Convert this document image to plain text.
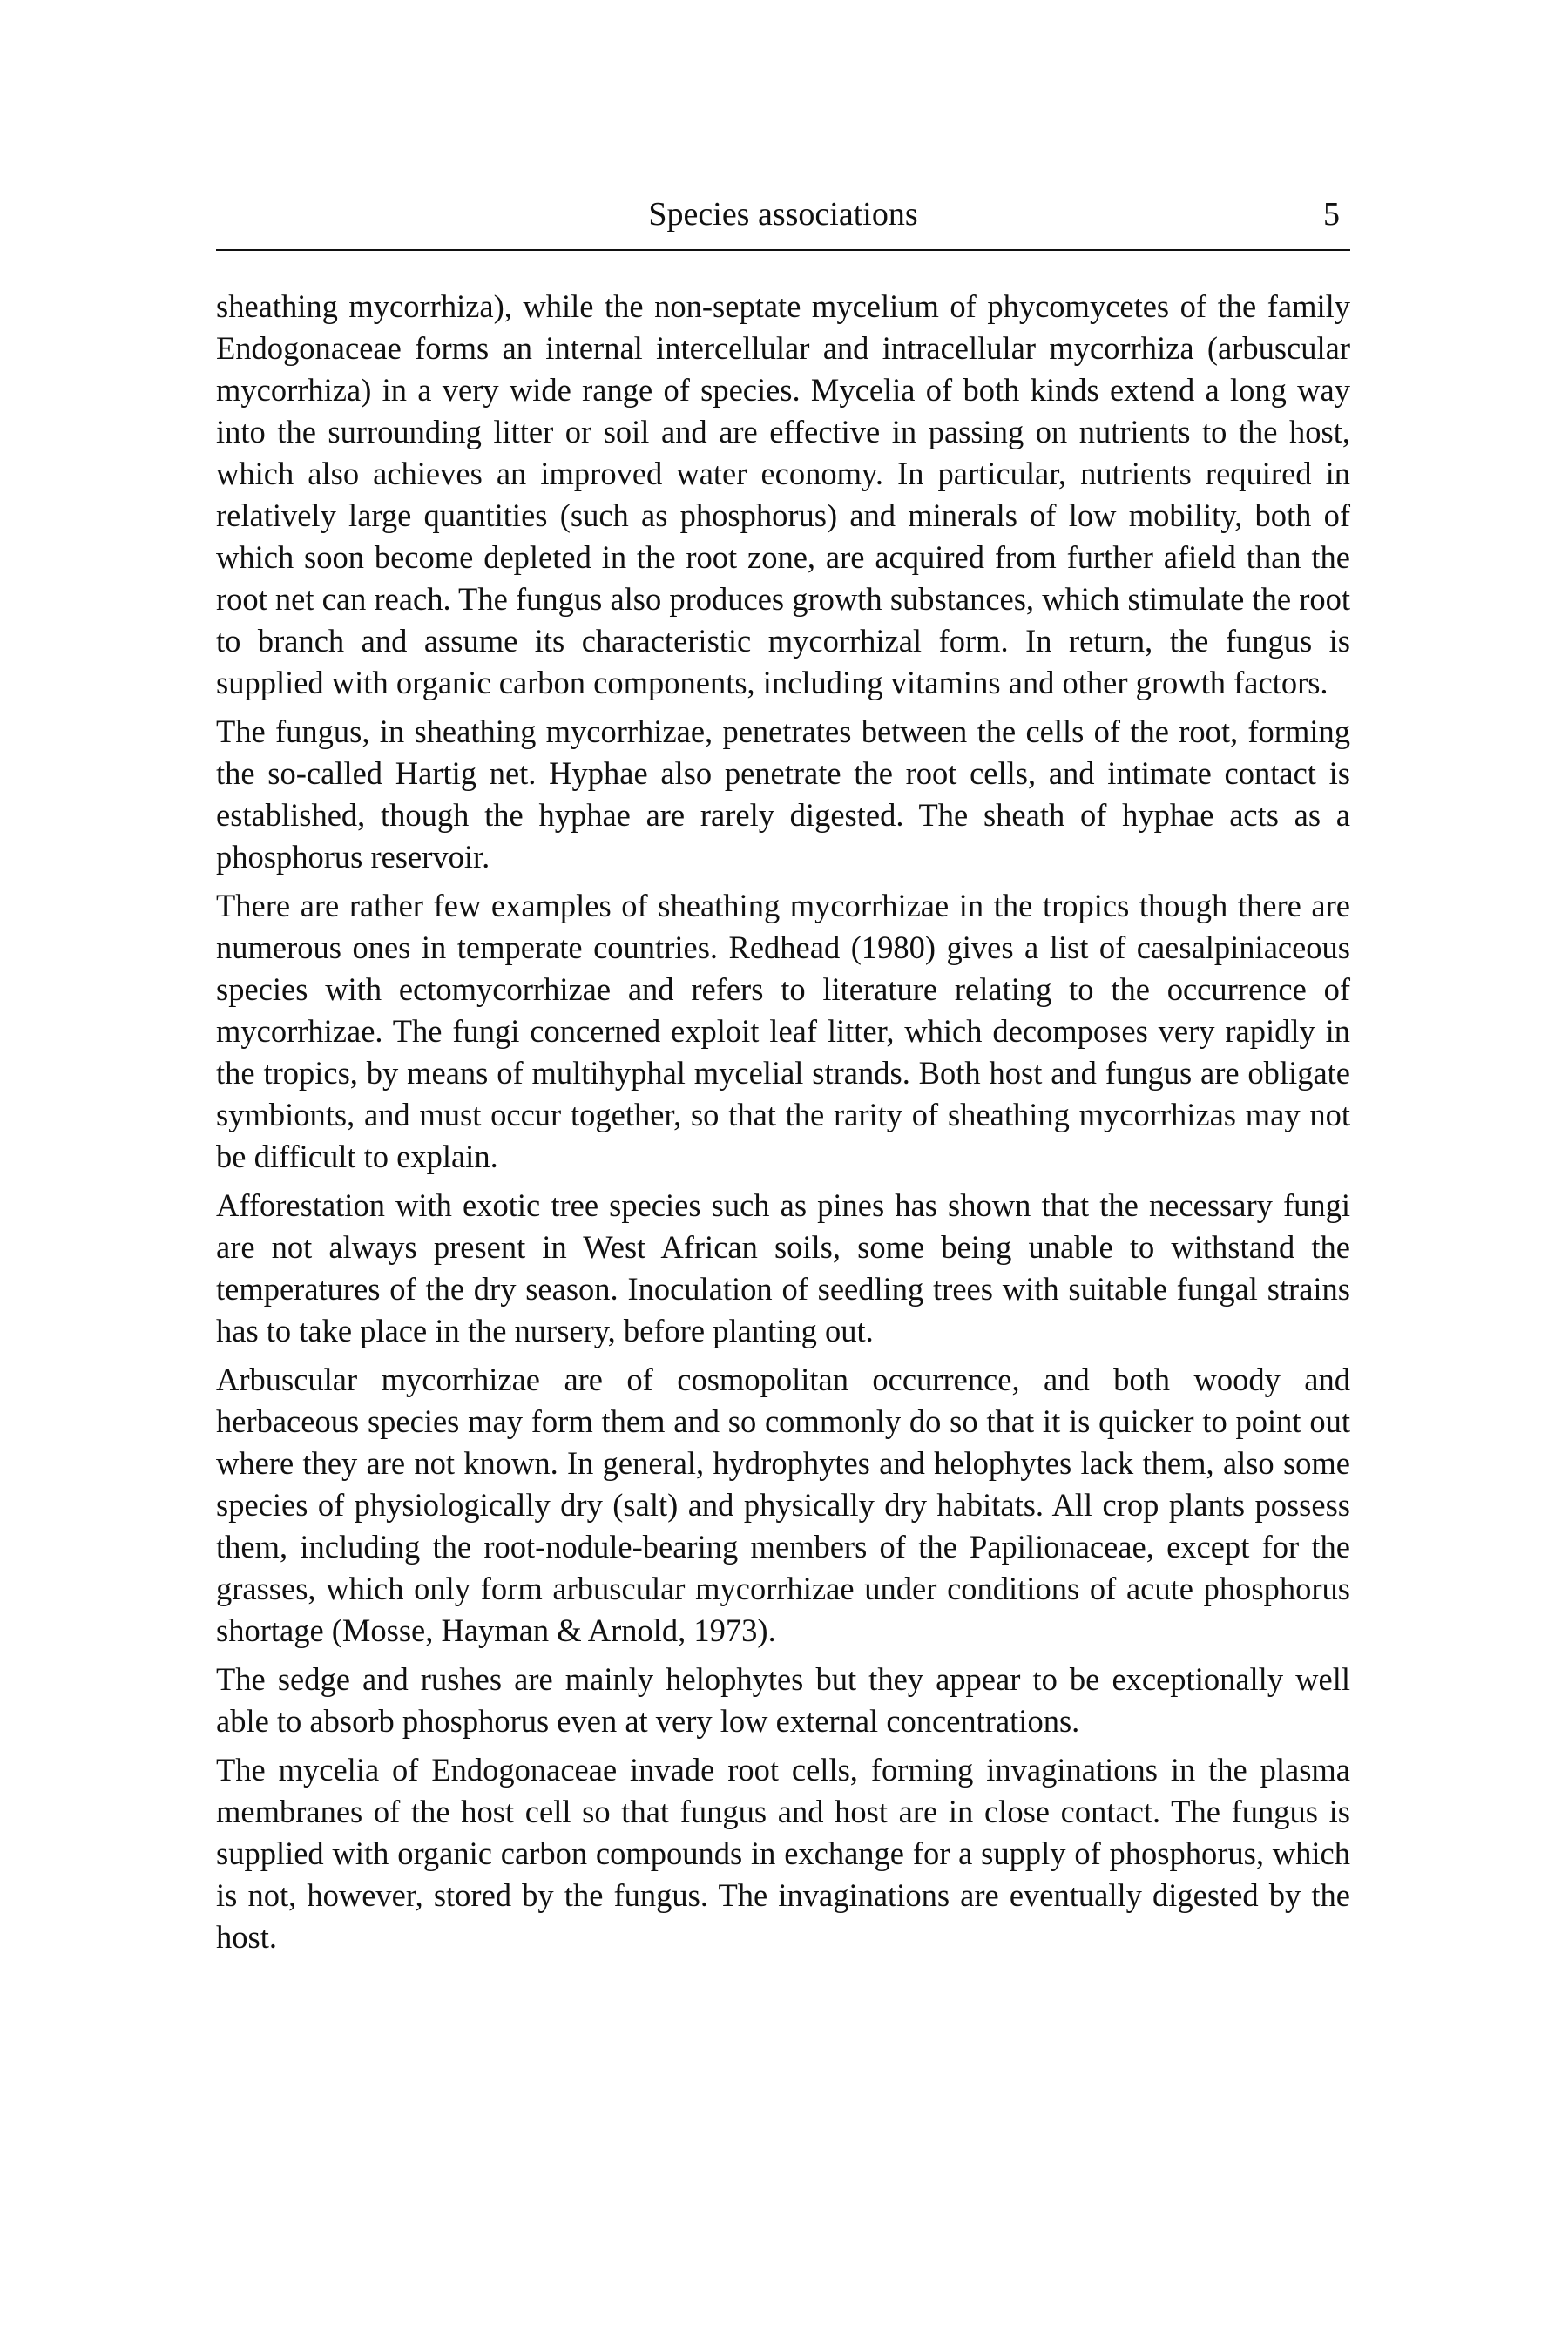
Species associations	5

sheathing mycorrhiza), while the non-septate mycelium of phycomycetes of the family Endogonaceae forms an internal intercellular and intracellular mycorrhiza (arbuscular mycorrhiza) in a very wide range of species. Mycelia of both kinds extend a long way into the surrounding litter or soil and are effective in passing on nutrients to the host, which also achieves an improved water economy. In particular, nutrients required in relatively large quantities (such as phosphorus) and minerals of low mobility, both of which soon become depleted in the root zone, are acquired from further afield than the root net can reach. The fungus also produces growth substances, which stimulate the root to branch and assume its characteristic mycorrhizal form. In return, the fungus is supplied with organic carbon components, including vitamins and other growth factors.

The fungus, in sheathing mycorrhizae, penetrates between the cells of the root, forming the so-called Hartig net. Hyphae also penetrate the root cells, and intimate contact is established, though the hyphae are rarely digested. The sheath of hyphae acts as a phosphorus reservoir.

There are rather few examples of sheathing mycorrhizae in the tropics though there are numerous ones in temperate countries. Redhead (1980) gives a list of caesalpiniaceous species with ectomycorrhizae and refers to literature relating to the occurrence of mycorrhizae. The fungi concerned exploit leaf litter, which decomposes very rapidly in the tropics, by means of multihyphal mycelial strands. Both host and fungus are obligate symbionts, and must occur together, so that the rarity of sheathing mycorrhizas may not be difficult to explain.

Afforestation with exotic tree species such as pines has shown that the necessary fungi are not always present in West African soils, some being unable to withstand the temperatures of the dry season. Inoculation of seedling trees with suitable fungal strains has to take place in the nursery, before planting out.

Arbuscular mycorrhizae are of cosmopolitan occurrence, and both woody and herbaceous species may form them and so commonly do so that it is quicker to point out where they are not known. In general, hydrophytes and helophytes lack them, also some species of physiologically dry (salt) and physically dry habitats. All crop plants possess them, including the root-nodule-bearing members of the Papilionaceae, except for the grasses, which only form arbuscular mycorrhizae under conditions of acute phosphorus shortage (Mosse, Hayman & Arnold, 1973).

The sedge and rushes are mainly helophytes but they appear to be exceptionally well able to absorb phosphorus even at very low external concentrations.

The mycelia of Endogonaceae invade root cells, forming invaginations in the plasma membranes of the host cell so that fungus and host are in close contact. The fungus is supplied with organic carbon compounds in exchange for a supply of phosphorus, which is not, however, stored by the fungus. The invaginations are eventually digested by the host.
